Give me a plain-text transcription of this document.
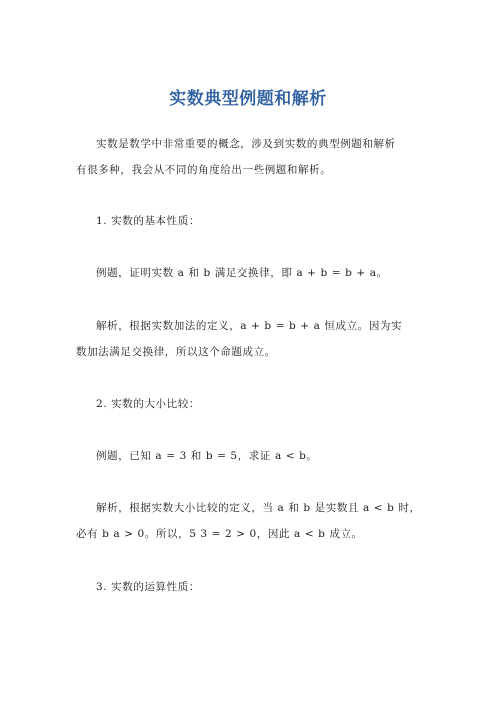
实数典型例题和解析
实数是数学中非常重要的概念，涉及到实数的典型例题和解析
有很多种，我会从不同的角度给出一些例题和解析。
1. 实数的基本性质：
例题，证明实数 a 和 b 满足交换律，即 a + b = b + a。
解析，根据实数加法的定义，a + b = b + a 恒成立。因为实
数加法满足交换律，所以这个命题成立。
2. 实数的大小比较：
例题，已知 a = 3 和 b = 5，求证 a < b。
解析，根据实数大小比较的定义，当 a 和 b 是实数且 a < b 时，
必有 b a > 0。所以，5 3 = 2 > 0，因此 a < b 成立。
3. 实数的运算性质：
